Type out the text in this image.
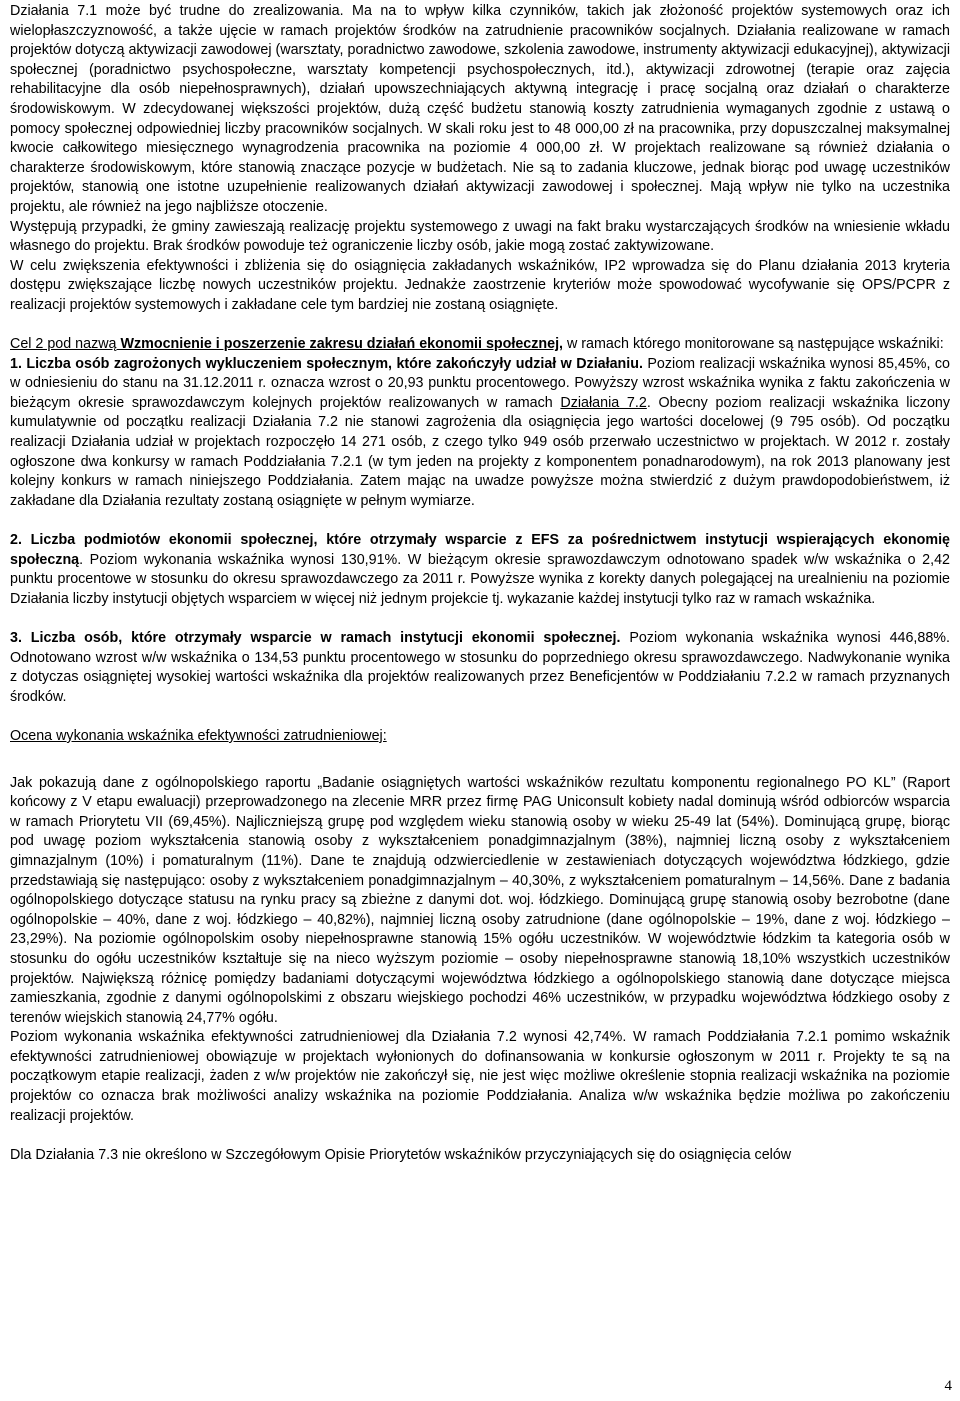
Działania 7.1 może być trudne do zrealizowania. Ma na to wpływ kilka czynników, takich jak złożoność projektów systemowych oraz ich wielopłaszczyznowość, a także ujęcie w ramach projektów środków na zatrudnienie pracowników socjalnych. Działania realizowane w ramach projektów dotyczą aktywizacji zawodowej (warsztaty, poradnictwo zawodowe, szkolenia zawodowe, instrumenty aktywizacji edukacyjnej), aktywizacji społecznej (poradnictwo psychospołeczne, warsztaty kompetencji psychospołecznych, itd.), aktywizacji zdrowotnej (terapie oraz zajęcia rehabilitacyjne dla osób niepełnosprawnych), działań upowszechniających aktywną integrację i pracę socjalną oraz działań o charakterze środowiskowym. W zdecydowanej większości projektów, dużą część budżetu stanowią koszty zatrudnienia wymaganych zgodnie z ustawą o pomocy społecznej odpowiedniej liczby pracowników socjalnych. W skali roku jest to 48 000,00 zł na pracownika, przy dopuszczalnej maksymalnej kwocie całkowitego miesięcznego wynagrodzenia pracownika na poziomie 4 000,00 zł. W projektach realizowane są również działania o charakterze środowiskowym, które stanowią znaczące pozycje w budżetach. Nie są to zadania kluczowe, jednak biorąc pod uwagę uczestników projektów, stanowią one istotne uzupełnienie realizowanych działań aktywizacji zawodowej i społecznej. Mają wpływ nie tylko na uczestnika projektu, ale również na jego najbliższe otoczenie.

Występują przypadki, że gminy zawieszają realizację projektu systemowego z uwagi na fakt braku wystarczających środków na wniesienie wkładu własnego do projektu. Brak środków powoduje też ograniczenie liczby osób, jakie mogą zostać zaktywizowane.

W celu zwiększenia efektywności i zbliżenia się do osiągnięcia zakładanych wskaźników, IP2 wprowadza się do Planu działania 2013 kryteria dostępu zwiększające liczbę nowych uczestników projektu. Jednakże zaostrzenie kryteriów może spowodować wycofywanie się OPS/PCPR z realizacji projektów systemowych i zakładane cele tym bardziej nie zostaną osiągnięte.

Cel 2 pod nazwą Wzmocnienie i poszerzenie zakresu działań ekonomii społecznej, w ramach którego monitorowane są następujące wskaźniki:

1. Liczba osób zagrożonych wykluczeniem społecznym, które zakończyły udział w Działaniu. Poziom realizacji wskaźnika wynosi 85,45%, co w odniesieniu do stanu na 31.12.2011 r. oznacza wzrost o 20,93 punktu procentowego. Powyższy wzrost wskaźnika wynika z faktu zakończenia w bieżącym okresie sprawozdawczym kolejnych projektów realizowanych w ramach Działania 7.2. Obecny poziom realizacji wskaźnika liczony kumulatywnie od początku realizacji Działania 7.2 nie stanowi zagrożenia dla osiągnięcia jego wartości docelowej (9 795 osób). Od początku realizacji Działania udział w projektach rozpoczęło 14 271 osób, z czego tylko 949 osób przerwało uczestnictwo w projektach. W 2012 r. zostały ogłoszone dwa konkursy w ramach Poddziałania 7.2.1 (w tym jeden na projekty z komponentem ponadnarodowym), na rok 2013 planowany jest kolejny konkurs w ramach niniejszego Poddziałania. Zatem mając na uwadze powyższe można stwierdzić z dużym prawdopodobieństwem, iż zakładane dla Działania rezultaty zostaną osiągnięte w pełnym wymiarze.

2. Liczba podmiotów ekonomii społecznej, które otrzymały wsparcie z EFS za pośrednictwem instytucji wspierających ekonomię społeczną. Poziom wykonania wskaźnika wynosi 130,91%. W bieżącym okresie sprawozdawczym odnotowano spadek w/w wskaźnika o 2,42 punktu procentowe w stosunku do okresu sprawozdawczego za 2011 r. Powyższe wynika z korekty danych polegającej na urealnieniu na poziomie Działania liczby instytucji objętych wsparciem w więcej niż jednym projekcie tj. wykazanie każdej instytucji tylko raz w ramach wskaźnika.

3. Liczba osób, które otrzymały wsparcie w ramach instytucji ekonomii społecznej. Poziom wykonania wskaźnika wynosi 446,88%. Odnotowano wzrost w/w wskaźnika o 134,53 punktu procentowego w stosunku do poprzedniego okresu sprawozdawczego. Nadwykonanie wynika z dotyczas osiągniętej wysokiej wartości wskaźnika dla projektów realizowanych przez Beneficjentów w Poddziałaniu 7.2.2 w ramach przyznanych środków.

Ocena wykonania wskaźnika efektywności zatrudnieniowej:

Jak pokazują dane z ogólnopolskiego raportu „Badanie osiągniętych wartości wskaźników rezultatu komponentu regionalnego PO KL” (Raport końcowy z V etapu ewaluacji) przeprowadzonego na zlecenie MRR przez firmę PAG Uniconsult kobiety nadal dominują wśród odbiorców wsparcia w ramach Priorytetu VII (69,45%). Najliczniejszą grupę pod względem wieku stanowią osoby w wieku 25-49 lat (54%). Dominującą grupę, biorąc pod uwagę poziom wykształcenia stanowią osoby z wykształceniem ponadgimnazjalnym (38%), najmniej liczną osoby z wykształceniem gimnazjalnym (10%) i pomaturalnym (11%). Dane te znajdują odzwierciedlenie w zestawieniach dotyczących województwa łódzkiego, gdzie przedstawiają się następująco: osoby z wykształceniem ponadgimnazjalnym – 40,30%, z wykształceniem pomaturalnym – 14,56%. Dane z badania ogólnopolskiego dotyczące statusu na rynku pracy są zbieżne z danymi dot. woj. łódzkiego. Dominującą grupę stanowią osoby bezrobotne (dane ogólnopolskie – 40%, dane z woj. łódzkiego – 40,82%), najmniej liczną osoby zatrudnione (dane ogólnopolskie – 19%, dane z woj. łódzkiego – 23,29%). Na poziomie ogólnopolskim osoby niepełnosprawne stanowią 15% ogółu uczestników. W województwie łódzkim ta kategoria osób w stosunku do ogółu uczestników kształtuje się na nieco wyższym poziomie – osoby niepełnosprawne stanowią 18,10% wszystkich uczestników projektów. Największą różnicę pomiędzy badaniami dotyczącymi województwa łódzkiego a ogólnopolskiego stanowią dane dotyczące miejsca zamieszkania, zgodnie z danymi ogólnopolskimi z obszaru wiejskiego pochodzi 46% uczestników, w przypadku województwa łódzkiego osoby z terenów wiejskich stanowią 24,77% ogółu.

Poziom wykonania wskaźnika efektywności zatrudnieniowej dla Działania 7.2 wynosi 42,74%. W ramach Poddziałania 7.2.1 pomimo wskaźnik efektywności zatrudnieniowej obowiązuje w projektach wyłonionych do dofinansowania w konkursie ogłoszonym w 2011 r. Projekty te są na początkowym etapie realizacji, żaden z w/w projektów nie zakończył się, nie jest więc możliwe określenie stopnia realizacji wskaźnika na poziomie projektów co oznacza brak możliwości analizy wskaźnika na poziomie Poddziałania. Analiza w/w wskaźnika będzie możliwa po zakończeniu realizacji projektów.

Dla Działania 7.3 nie określono w Szczegółowym Opisie Priorytetów wskaźników przyczyniających się do osiągnięcia celów

4
